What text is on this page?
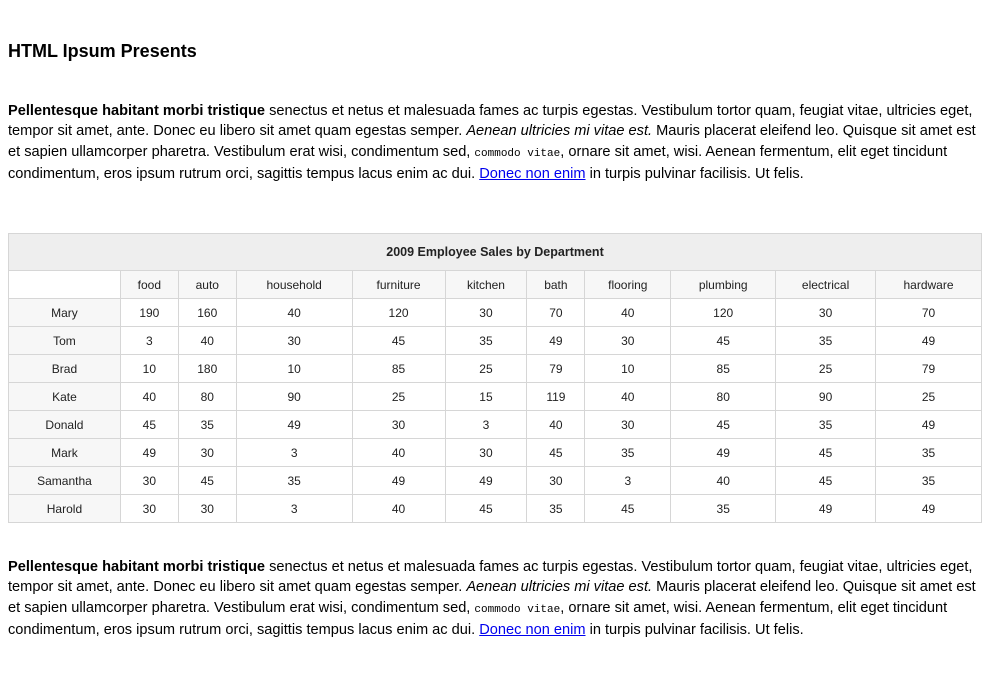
HTML Ipsum Presents

Pellentesque habitant morbi tristique senectus et netus et malesuada fames ac turpis egestas. Vestibulum tortor quam, feugiat vitae, ultricies eget, tempor sit amet, ante. Donec eu libero sit amet quam egestas semper. Aenean ultricies mi vitae est. Mauris placerat eleifend leo. Quisque sit amet est et sapien ullamcorper pharetra. Vestibulum erat wisi, condimentum sed, commodo vitae, ornare sit amet, wisi. Aenean fermentum, elit eget tincidunt condimentum, eros ipsum rutrum orci, sagittis tempus lacus enim ac dui. Donec non enim in turpis pulvinar facilisis. Ut felis.

2009 Employee Sales by Department										
	food	auto	household	furniture	kitchen	bath	flooring	plumbing	electrical	hardware
Mary	190	160	40	120	30	70	40	120	30	70
Tom	3	40	30	45	35	49	30	45	35	49
Brad	10	180	10	85	25	79	10	85	25	79
Kate	40	80	90	25	15	119	40	80	90	25
Donald	45	35	49	30	3	40	30	45	35	49
Mark	49	30	3	40	30	45	35	49	45	35
Samantha	30	45	35	49	49	30	3	40	45	35
Harold	30	30	3	40	45	35	45	35	49	49

Pellentesque habitant morbi tristique senectus et netus et malesuada fames ac turpis egestas. Vestibulum tortor quam, feugiat vitae, ultricies eget, tempor sit amet, ante. Donec eu libero sit amet quam egestas semper. Aenean ultricies mi vitae est. Mauris placerat eleifend leo. Quisque sit amet est et sapien ullamcorper pharetra. Vestibulum erat wisi, condimentum sed, commodo vitae, ornare sit amet, wisi. Aenean fermentum, elit eget tincidunt condimentum, eros ipsum rutrum orci, sagittis tempus lacus enim ac dui. Donec non enim in turpis pulvinar facilisis. Ut felis.
